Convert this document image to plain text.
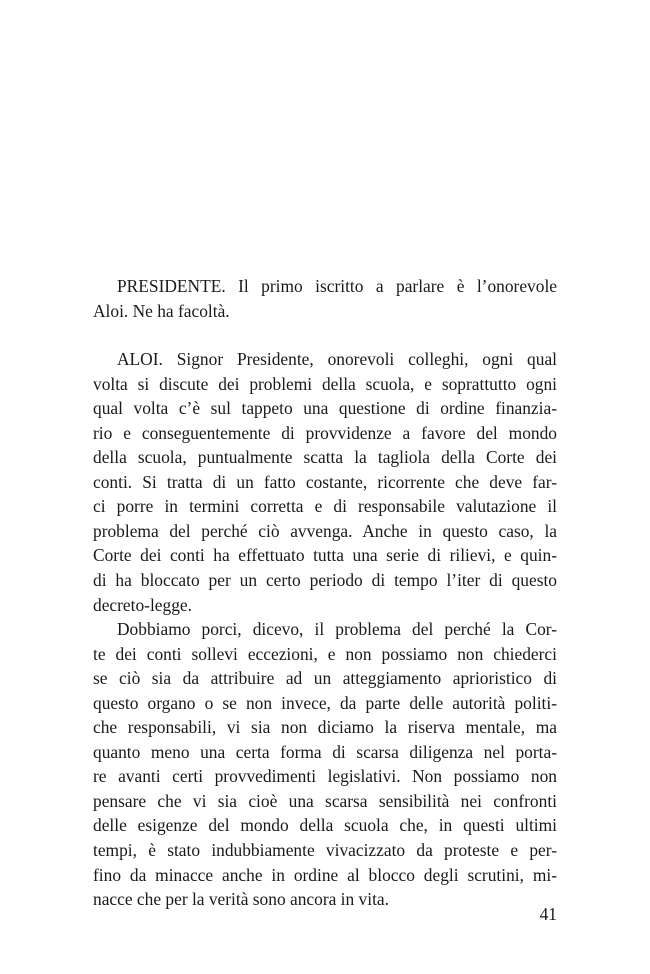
PRESIDENTE. Il primo iscritto a parlare è l’onorevole
Aloi. Ne ha facoltà.
ALOI. Signor Presidente, onorevoli colleghi, ogni qual
volta si discute dei problemi della scuola, e soprattutto ogni
qual volta c’è sul tappeto una questione di ordine finanzia-
rio e conseguentemente di provvidenze a favore del mondo
della scuola, puntualmente scatta la tagliola della Corte dei
conti. Si tratta di un fatto costante, ricorrente che deve far-
ci porre in termini corretta e di responsabile valutazione il
problema del perché ciò avvenga. Anche in questo caso, la
Corte dei conti ha effettuato tutta una serie di rilievi, e quin-
di ha bloccato per un certo periodo di tempo l’iter di questo
decreto-legge.
Dobbiamo porci, dicevo, il problema del perché la Cor-
te dei conti sollevi eccezioni, e non possiamo non chiederci
se ciò sia da attribuire ad un atteggiamento aprioristico di
questo organo o se non invece, da parte delle autorità politi-
che responsabili, vi sia non diciamo la riserva mentale, ma
quanto meno una certa forma di scarsa diligenza nel porta-
re avanti certi provvedimenti legislativi. Non possiamo non
pensare che vi sia cioè una scarsa sensibilità nei confronti
delle esigenze del mondo della scuola che, in questi ultimi
tempi, è stato indubbiamente vivacizzato da proteste e per-
fino da minacce anche in ordine al blocco degli scrutini, mi-
nacce che per la verità sono ancora in vita.
41
